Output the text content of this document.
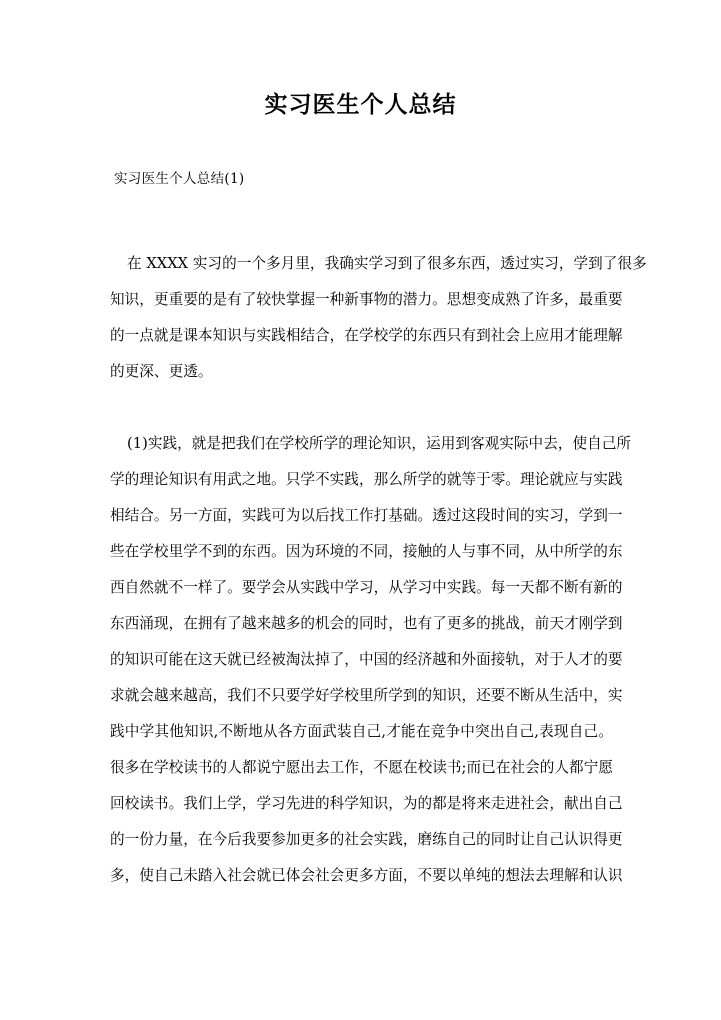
实习医生个人总结
实习医生个人总结(1)
在 XXXX 实习的一个多月里，我确实学习到了很多东西，透过实习，学到了很多
知识，更重要的是有了较快掌握一种新事物的潜力。思想变成熟了许多，最重要
的一点就是课本知识与实践相结合，在学校学的东西只有到社会上应用才能理解
的更深、更透。
(1)实践，就是把我们在学校所学的理论知识，运用到客观实际中去，使自己所
学的理论知识有用武之地。只学不实践，那么所学的就等于零。理论就应与实践
相结合。另一方面，实践可为以后找工作打基础。透过这段时间的实习，学到一
些在学校里学不到的东西。因为环境的不同，接触的人与事不同，从中所学的东
西自然就不一样了。要学会从实践中学习，从学习中实践。每一天都不断有新的
东西涌现，在拥有了越来越多的机会的同时，也有了更多的挑战，前天才刚学到
的知识可能在这天就已经被淘汰掉了，中国的经济越和外面接轨，对于人才的要
求就会越来越高，我们不只要学好学校里所学到的知识，还要不断从生活中，实
践中学其他知识,不断地从各方面武装自己,才能在竞争中突出自己,表现自己。
很多在学校读书的人都说宁愿出去工作，不愿在校读书;而已在社会的人都宁愿
回校读书。我们上学，学习先进的科学知识，为的都是将来走进社会，献出自己
的一份力量，在今后我要参加更多的社会实践，磨练自己的同时让自己认识得更
多，使自己未踏入社会就已体会社会更多方面，不要以单纯的想法去理解和认识
